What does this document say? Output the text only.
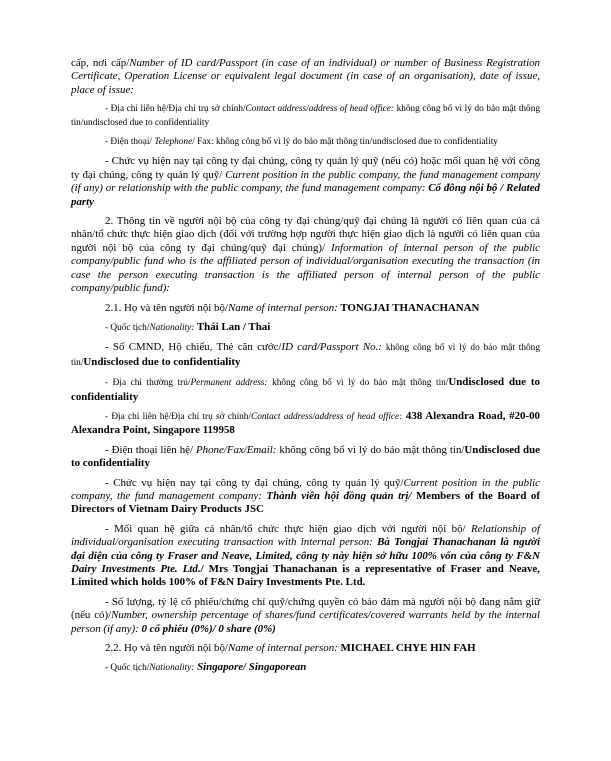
cấp, nơi cấp/Number of ID card/Passport (in case of an individual) or number of Business Registration Certificate, Operation License or equivalent legal document (in case of an organisation), date of issue, place of issue:

- Địa chỉ liên hệ/Địa chỉ trụ sở chính/Contact address/address of head office: không công bố vì lý do bảo mật thông tin/undisclosed due to confidentiality

- Điện thoại/ Telephone/ Fax: không công bố vì lý do bảo mật thông tin/undisclosed due to confidentiality

- Chức vụ hiện nay tại công ty đại chúng, công ty quản lý quỹ (nếu có) hoặc mối quan hệ với công ty đại chúng, công ty quản lý quỹ/ Current position in the public company, the fund management company (if any) or relationship with the public company, the fund management company: Cổ đông nội bộ / Related party

2. Thông tin về người nội bộ của công ty đại chúng/quỹ đại chúng là người có liên quan của cá nhân/tổ chức thực hiện giao dịch (đối với trường hợp người thực hiện giao dịch là người có liên quan của người nội bộ của công ty đại chúng/quỹ đại chúng)/ Information of internal person of the public company/public fund who is the affiliated person of individual/organisation executing the transaction (in case the person executing transaction is the affiliated person of internal person of the public company/public fund):

2.1. Họ và tên người nội bộ/Name of internal person: TONGJAI THANACHANAN

- Quốc tịch/Nationality: Thái Lan / Thai

- Số CMND, Hộ chiếu, Thẻ căn cước/ID card/Passport No.: không công bố vì lý do bảo mật thông tin/Undisclosed due to confidentiality

- Địa chỉ thường trú/Permanent address: không công bố vì lý do bảo mật thông tin/Undisclosed due to confidentiality

- Địa chỉ liên hệ/Địa chỉ trụ sở chính/Contact address/address of head office: 438 Alexandra Road, #20-00 Alexandra Point, Singapore 119958

- Điện thoại liên hệ/ Phone/Fax/Email: không công bố vì lý do bảo mật thông tin/Undisclosed due to confidentiality

- Chức vụ hiện nay tại công ty đại chúng, công ty quản lý quỹ/Current position in the public company, the fund management company: Thành viên hội đồng quản trị/ Members of the Board of Directors of Vietnam Dairy Products JSC

- Mối quan hệ giữa cá nhân/tổ chức thực hiện giao dịch với người nội bộ/ Relationship of individual/organisation executing transaction with internal person: Bà Tongjai Thanachanan là người đại diện của công ty Fraser and Neave, Limited, công ty này hiện sở hữu 100% vốn của công ty F&N Dairy Investments Pte. Ltd./ Mrs Tongjai Thanachanan is a representative of Fraser and Neave, Limited which holds 100% of F&N Dairy Investments Pte. Ltd.

- Số lượng, tỷ lệ cổ phiếu/chứng chỉ quỹ/chứng quyền có bảo đảm mà người nội bộ đang nắm giữ (nếu có)/Number, ownership percentage of shares/fund certificates/covered warrants held by the internal person (if any): 0 cổ phiếu (0%)/ 0 share (0%)

2.2. Họ và tên người nội bộ/Name of internal person: MICHAEL CHYE HIN FAH

- Quốc tịch/Nationality: Singapore/ Singaporean
